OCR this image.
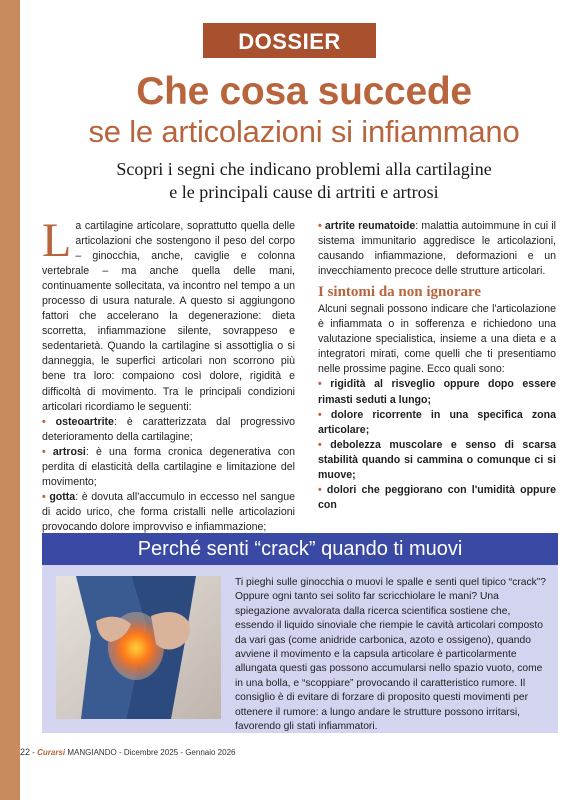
DOSSIER
Che cosa succede
se le articolazioni si infiammano
Scopri i segni che indicano problemi alla cartilagine
e le principali cause di artriti e artrosi

La cartilagine articolare, soprattutto quella delle articolazioni che sostengono il peso del corpo – ginocchia, anche, caviglie e colonna vertebrale – ma anche quella delle mani, continuamente sollecitata, va incontro nel tempo a un processo di usura naturale. A questo si aggiungono fattori che accelerano la degenerazione: dieta scorretta, infiammazione silente, sovrappeso e sedentarietà. Quando la cartilagine si assottiglia o si danneggia, le superfici articolari non scorrono più bene tra loro: compaiono così dolore, rigidità e difficoltà di movimento. Tra le principali condizioni articolari ricordiamo le seguenti:

• osteoartrite: è caratterizzata dal progressivo deterioramento della cartilagine;

• artrosi: è una forma cronica degenerativa con perdita di elasticità della cartilagine e limitazione del movimento;

• gotta: è dovuta all'accumulo in eccesso nel sangue di acido urico, che forma cristalli nelle articolazioni provocando dolore improvviso e infiammazione;

• artrite reumatoide: malattia autoimmune in cui il sistema immunitario aggredisce le articolazioni, causando infiammazione, deformazioni e un invecchiamento precoce delle strutture articolari.

I sintomi da non ignorare

Alcuni segnali possono indicare che l'articolazione è infiammata o in sofferenza e richiedono una valutazione specialistica, insieme a una dieta e a integratori mirati, come quelli che ti presentiamo nelle prossime pagine. Ecco quali sono:

• rigidità al risveglio oppure dopo essere rimasti seduti a lungo;

• dolore ricorrente in una specifica zona articolare;

• debolezza muscolare e senso di scarsa stabilità quando si cammina o comunque ci si muove;

• dolori che peggiorano con l'umidità oppure con

Perché senti “crack” quando ti muovi
Ti pieghi sulle ginocchia o muovi le spalle e senti quel tipico “crack”? Oppure ogni tanto sei solito far scricchiolare le mani? Una spiegazione avvalorata dalla ricerca scientifica sostiene che, essendo il liquido sinoviale che riempie le cavità articolari composto da vari gas (come anidride carbonica, azoto e ossigeno), quando avviene il movimento e la capsula articolare è particolarmente allungata questi gas possono accumularsi nello spazio vuoto, come in una bolla, e “scoppiare” provocando il caratteristico rumore. Il consiglio è di evitare di forzare di proposito questi movimenti per ottenere il rumore: a lungo andare le strutture possono irritarsi, favorendo gli stati infiammatori.
22 - Curarsi MANGIANDO - Dicembre 2025 - Gennaio 2026
